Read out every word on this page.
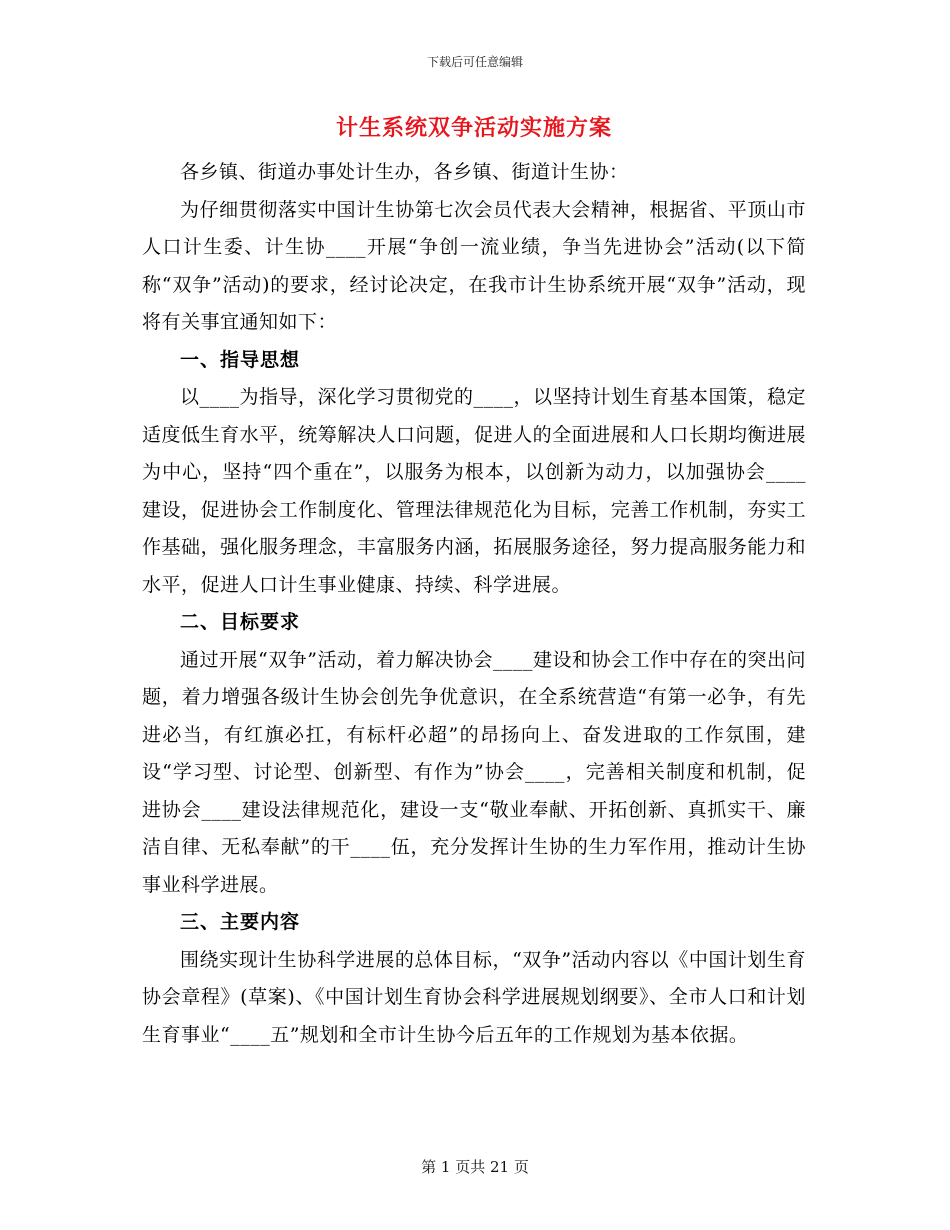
下载后可任意编辑
计生系统双争活动实施方案

各乡镇、街道办事处计生办，各乡镇、街道计生协：

为仔细贯彻落实中国计生协第七次会员代表大会精神，根据省、平顶山市人口计生委、计生协____开展“争创一流业绩，争当先进协会”活动(以下简称“双争”活动)的要求，经讨论决定，在我市计生协系统开展“双争”活动，现将有关事宜通知如下：

一、指导思想

以____为指导，深化学习贯彻党的____，以坚持计划生育基本国策，稳定适度低生育水平，统筹解决人口问题，促进人的全面进展和人口长期均衡进展为中心，坚持“四个重在”，以服务为根本，以创新为动力，以加强协会____建设，促进协会工作制度化、管理法律规范化为目标，完善工作机制，夯实工作基础，强化服务理念，丰富服务内涵，拓展服务途径，努力提高服务能力和水平，促进人口计生事业健康、持续、科学进展。

二、目标要求

通过开展“双争”活动，着力解决协会____建设和协会工作中存在的突出问题，着力增强各级计生协会创先争优意识，在全系统营造“有第一必争，有先进必当，有红旗必扛，有标杆必超”的昂扬向上、奋发进取的工作氛围，建设“学习型、讨论型、创新型、有作为”协会____，完善相关制度和机制，促进协会____建设法律规范化，建设一支“敬业奉献、开拓创新、真抓实干、廉洁自律、无私奉献”的干____伍，充分发挥计生协的生力军作用，推动计生协事业科学进展。

三、主要内容

围绕实现计生协科学进展的总体目标，“双争”活动内容以《中国计划生育协会章程》(草案)、《中国计划生育协会科学进展规划纲要》、全市人口和计划生育事业“____五”规划和全市计生协今后五年的工作规划为基本依据。

第 1 页共 21 页
